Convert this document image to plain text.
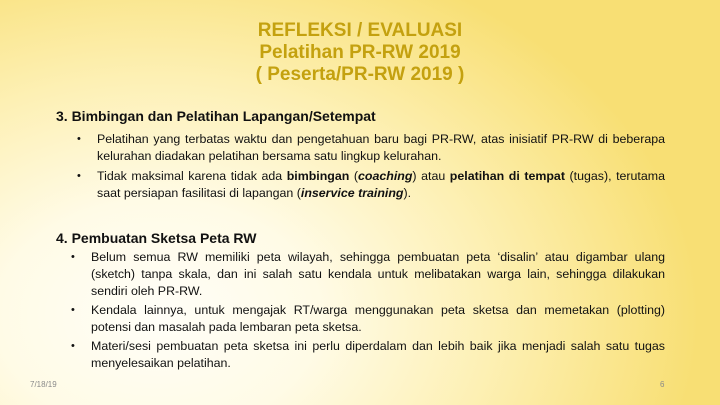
REFLEKSI / EVALUASI
Pelatihan PR-RW 2019
( Peserta/PR-RW 2019 )
3. Bimbingan dan Pelatihan Lapangan/Setempat
• Pelatihan yang terbatas waktu dan pengetahuan baru bagi PR-RW, atas inisiatif PR-RW di beberapa kelurahan diadakan pelatihan bersama satu lingkup kelurahan.
• Tidak maksimal karena tidak ada bimbingan (coaching) atau pelatihan di tempat (tugas), terutama saat persiapan fasilitasi di lapangan (inservice training).
4. Pembuatan Sketsa Peta RW
• Belum semua RW memiliki peta wilayah, sehingga pembuatan peta ‘disalin’ atau digambar ulang (sketch) tanpa skala, dan ini salah satu kendala untuk melibatakan warga lain, sehingga dilakukan sendiri oleh PR-RW.
• Kendala lainnya, untuk mengajak RT/warga menggunakan peta sketsa dan memetakan (plotting) potensi dan masalah pada lembaran peta sketsa.
• Materi/sesi pembuatan peta sketsa ini perlu diperdalam dan lebih baik jika menjadi salah satu tugas menyelesaikan pelatihan.
7/18/19	6
